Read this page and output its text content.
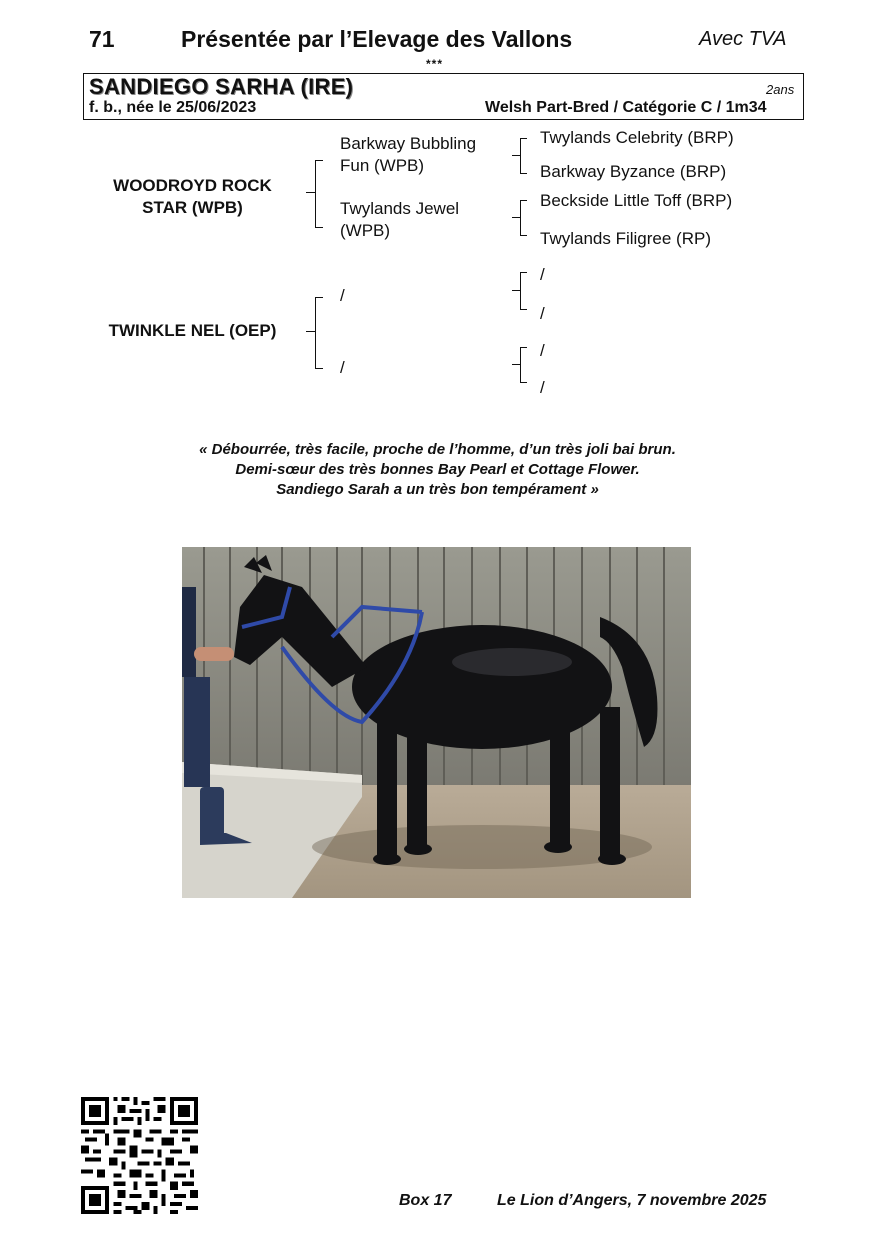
71	Présentée par l’Elevage des Vallons	Avec TVA
***
SANDIEGO SARHA (IRE)	2ans
f. b., née le 25/06/2023	Welsh Part-Bred / Catégorie C / 1m34
WOODROYD ROCK STAR (WPB)
TWINKLE NEL (OEP)
Barkway Bubbling Fun (WPB)
Twylands Jewel (WPB)
/
/
Twylands Celebrity (BRP)
Barkway Byzance (BRP)
Beckside Little Toff (BRP)
Twylands Filigree (RP)
/
/
/
/
« Débourrée, très facile, proche de l’homme, d’un très joli bai brun.
Demi-sœur des très bonnes Bay Pearl et Cottage Flower.
Sandiego Sarah a un très bon tempérament »
Box 17	Le Lion d’Angers, 7 novembre 2025
